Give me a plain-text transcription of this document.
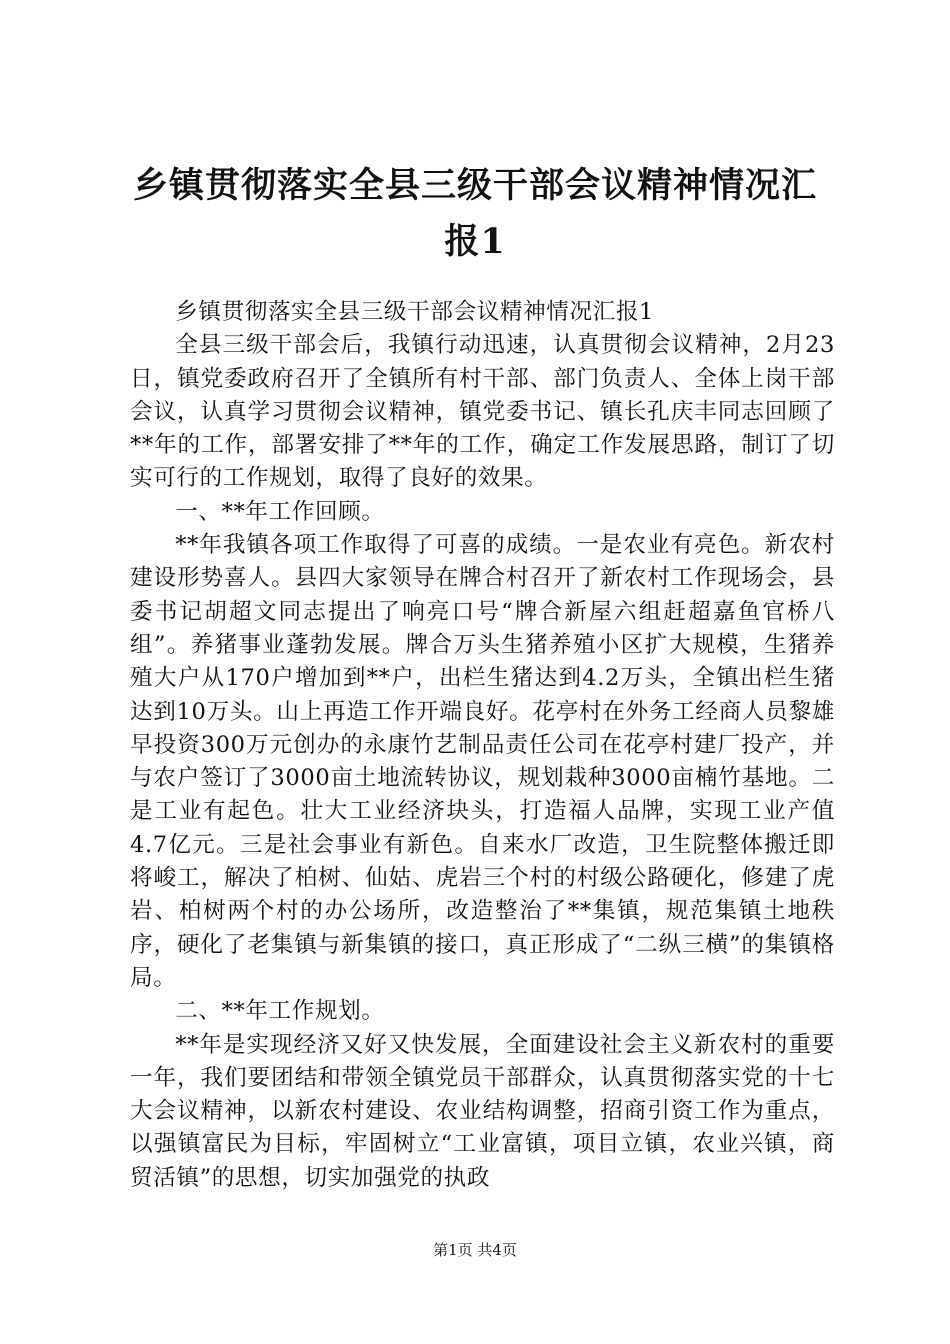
乡镇贯彻落实全县三级干部会议精神情况汇报1

乡镇贯彻落实全县三级干部会议精神情况汇报1

全县三级干部会后，我镇行动迅速，认真贯彻会议精神，2月23日，镇党委政府召开了全镇所有村干部、部门负责人、全体上岗干部会议，认真学习贯彻会议精神，镇党委书记、镇长孔庆丰同志回顾了**年的工作，部署安排了**年的工作，确定工作发展思路，制订了切实可行的工作规划，取得了良好的效果。

一、**年工作回顾。

**年我镇各项工作取得了可喜的成绩。一是农业有亮色。新农村建设形势喜人。县四大家领导在牌合村召开了新农村工作现场会，县委书记胡超文同志提出了响亮口号“牌合新屋六组赶超嘉鱼官桥八组”。养猪事业蓬勃发展。牌合万头生猪养殖小区扩大规模，生猪养殖大户从170户增加到**户，出栏生猪达到4.2万头，全镇出栏生猪达到10万头。山上再造工作开端良好。花亭村在外务工经商人员黎雄早投资300万元创办的永康竹艺制品责任公司在花亭村建厂投产，并与农户签订了3000亩土地流转协议，规划栽种3000亩楠竹基地。二是工业有起色。壮大工业经济块头，打造福人品牌，实现工业产值4.7亿元。三是社会事业有新色。自来水厂改造，卫生院整体搬迁即将峻工，解决了柏树、仙姑、虎岩三个村的村级公路硬化，修建了虎岩、柏树两个村的办公场所，改造整治了**集镇，规范集镇土地秩序，硬化了老集镇与新集镇的接口，真正形成了“二纵三横”的集镇格局。

二、**年工作规划。

**年是实现经济又好又快发展，全面建设社会主义新农村的重要一年，我们要团结和带领全镇党员干部群众，认真贯彻落实党的十七大会议精神，以新农村建设、农业结构调整，招商引资工作为重点，以强镇富民为目标，牢固树立“工业富镇，项目立镇，农业兴镇，商贸活镇”的思想，切实加强党的执政

第1页 共4页
